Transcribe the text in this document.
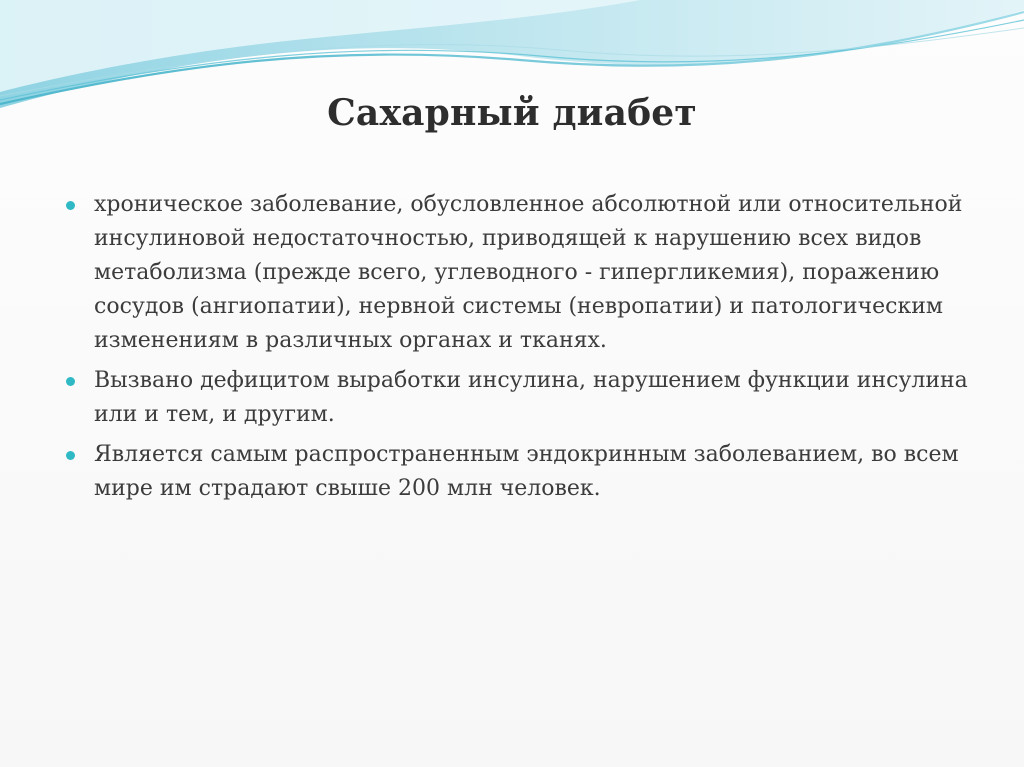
Сахарный диабет
хроническое заболевание, обусловленное абсолютной или относительной инсулиновой недостаточностью, приводящей к нарушению всех видов метаболизма (прежде всего, углеводного - гипергликемия), поражению сосудов (ангиопатии), нервной системы (невропатии) и патологическим изменениям в различных органах и тканях.
Вызвано дефицитом выработки инсулина, нарушением функции инсулина или и тем, и другим.
Является самым распространенным эндокринным заболеванием, во всем мире им страдают свыше 200 млн человек.
